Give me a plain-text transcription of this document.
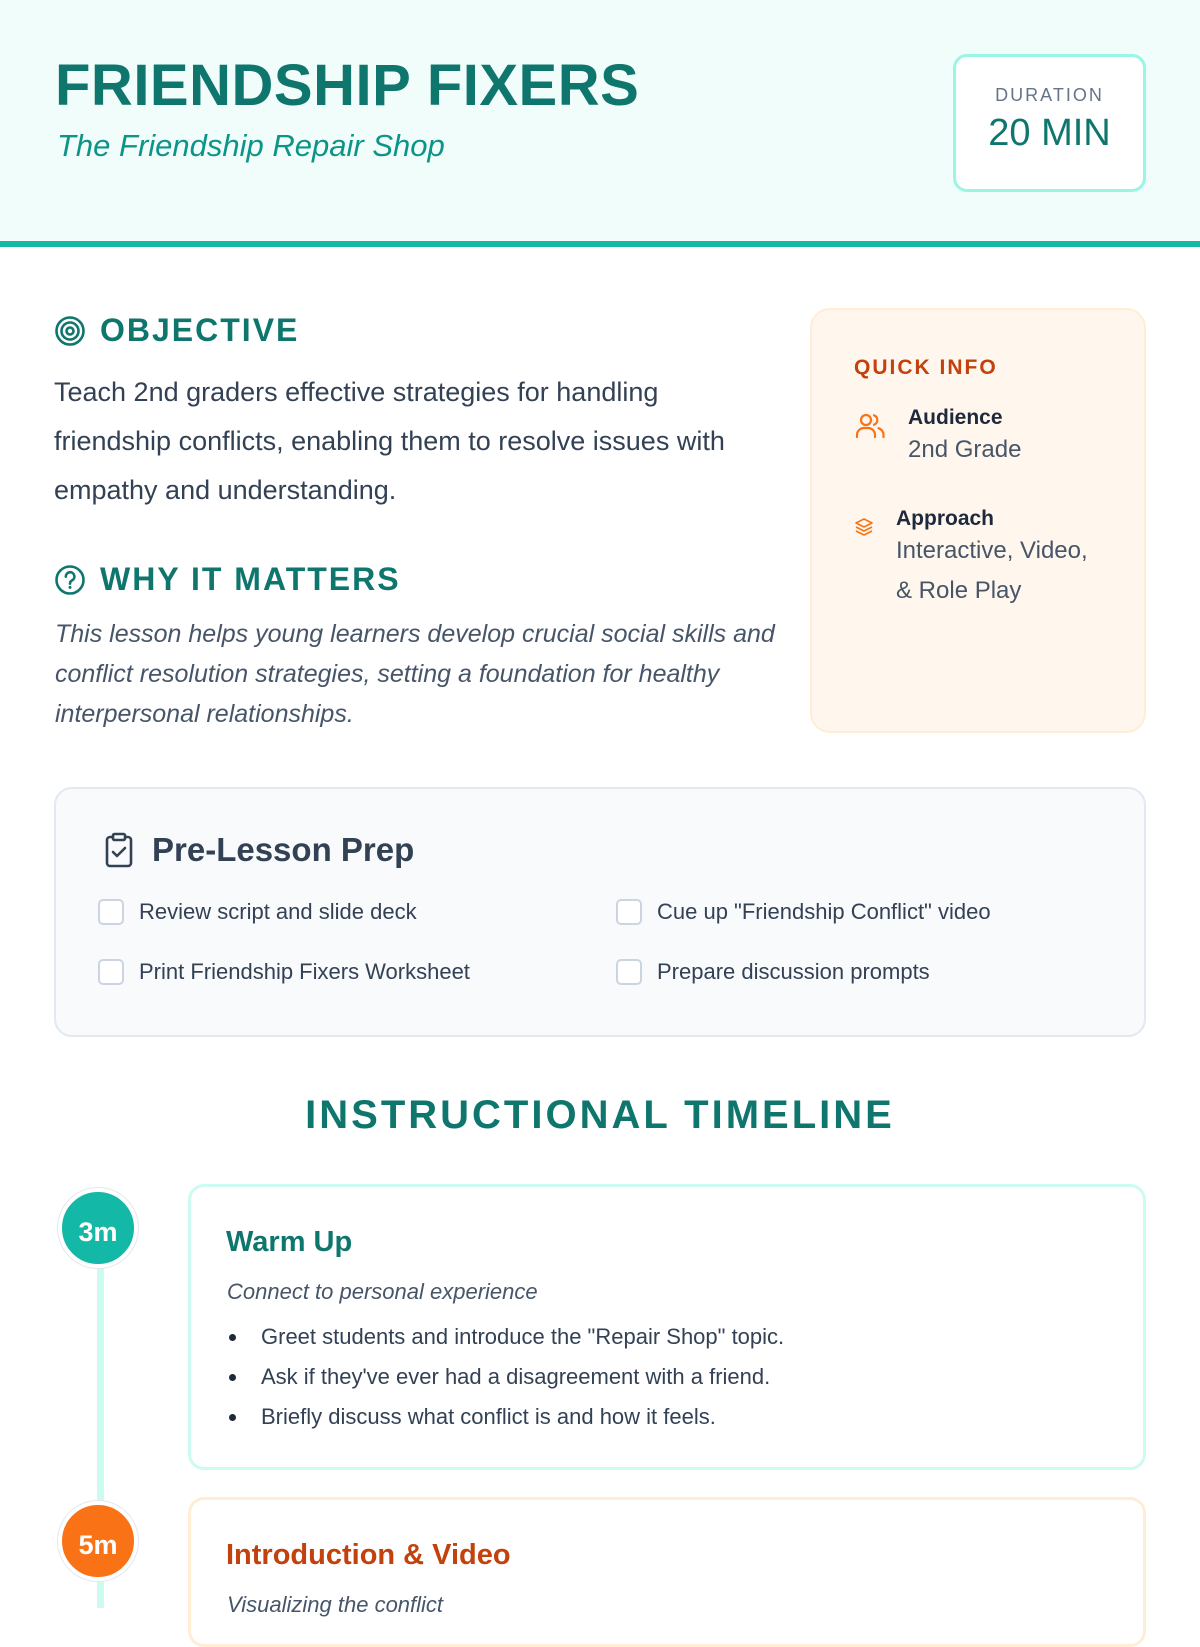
FRIENDSHIP FIXERS
The Friendship Repair Shop
DURATION
20 MIN
OBJECTIVE

Teach 2nd graders effective strategies for handling friendship conflicts, enabling them to resolve issues with empathy and understanding.

WHY IT MATTERS

This lesson helps young learners develop crucial social skills and conflict resolution strategies, setting a foundation for healthy interpersonal relationships.

QUICK INFO
Audience
2nd Grade
Approach
Interactive, Video, & Role Play
Pre-Lesson Prep
Review script and slide deck	Cue up "Friendship Conflict" video
Print Friendship Fixers Worksheet	Prepare discussion prompts
INSTRUCTIONAL TIMELINE
3m	Warm Up
Connect to personal experience
Greet students and introduce the "Repair Shop" topic.
Ask if they've ever had a disagreement with a friend.
Briefly discuss what conflict is and how it feels.
5m	Introduction & Video
Visualizing the conflict
